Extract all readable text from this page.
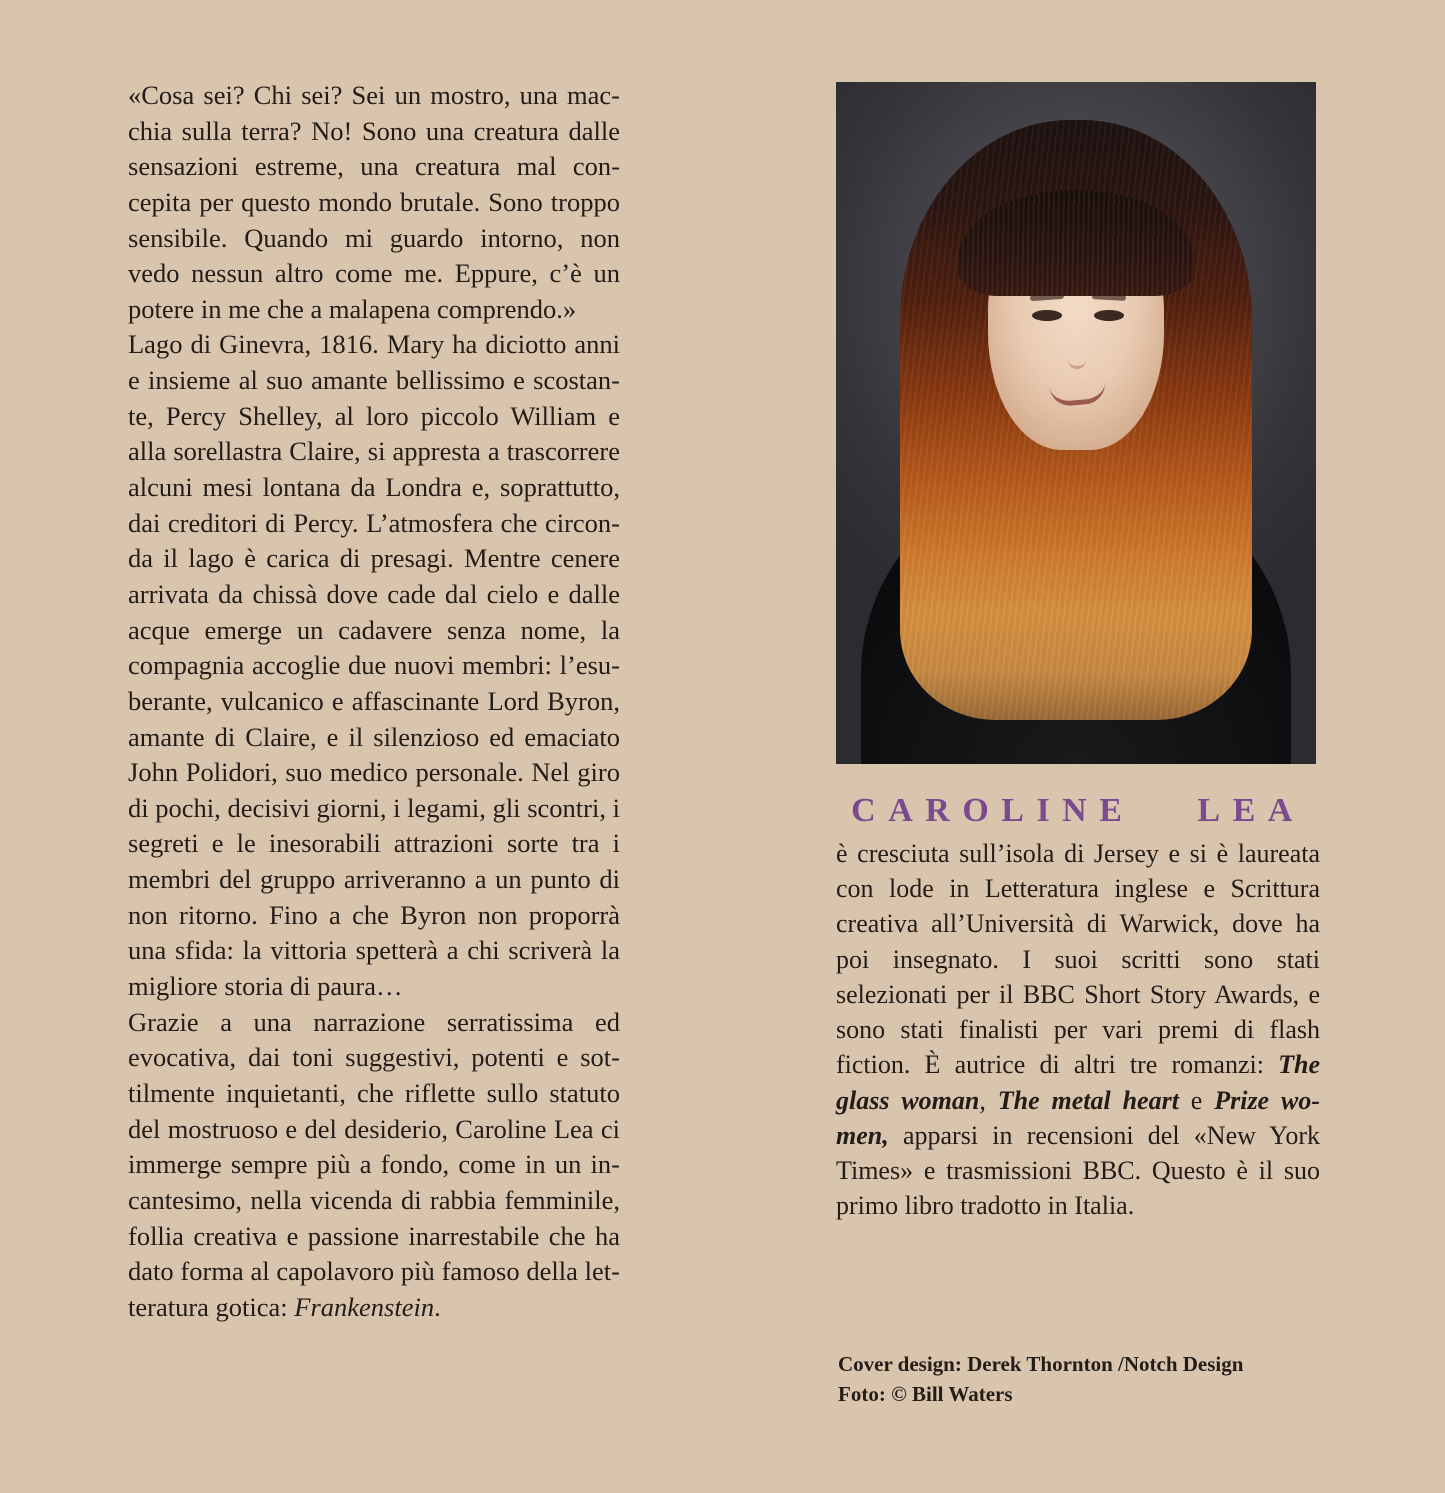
«Cosa sei? Chi sei? Sei un mostro, una macchia sulla terra? No! Sono una creatura dalle sensazioni estreme, una creatura mal concepita per questo mondo brutale. Sono troppo sensibile. Quando mi guardo intorno, non vedo nessun altro come me. Eppure, c’è un potere in me che a malapena comprendo.»

Lago di Ginevra, 1816. Mary ha diciotto anni e insieme al suo amante bellissimo e scostante, Percy Shelley, al loro piccolo William e alla sorellastra Claire, si appresta a trascorrere alcuni mesi lontana da Londra e, soprattutto, dai creditori di Percy. L’atmosfera che circonda il lago è carica di presagi. Mentre cenere arrivata da chissà dove cade dal cielo e dalle acque emerge un cadavere senza nome, la compagnia accoglie due nuovi membri: l’esuberante, vulcanico e affascinante Lord Byron, amante di Claire, e il silenzioso ed emaciato John Polidori, suo medico personale. Nel giro di pochi, decisivi giorni, i legami, gli scontri, i segreti e le inesorabili attrazioni sorte tra i membri del gruppo arriveranno a un punto di non ritorno. Fino a che Byron non proporrà una sfida: la vittoria spetterà a chi scriverà la migliore storia di paura…

Grazie a una narrazione serratissima ed evocativa, dai toni suggestivi, potenti e sottilmente inquietanti, che riflette sullo statuto del mostruoso e del desiderio, Caroline Lea ci immerge sempre più a fondo, come in un incantesimo, nella vicenda di rabbia femminile, follia creativa e passione inarrestabile che ha dato forma al capolavoro più famoso della letteratura gotica: Frankenstein.

CAROLINE   LEA
è cresciuta sull’isola di Jersey e si è laureata con lode in Letteratura inglese e Scrittura creativa all’Università di Warwick, dove ha poi insegnato. I suoi scritti sono stati selezionati per il BBC Short Story Awards, e sono stati finalisti per vari premi di flash fiction. È autrice di altri tre romanzi: The glass woman, The metal heart e Prize women, apparsi in recensioni del «New York Times» e trasmissioni BBC. Questo è il suo primo libro tradotto in Italia.
Cover design: Derek Thornton /Notch Design
Foto: © Bill Waters
